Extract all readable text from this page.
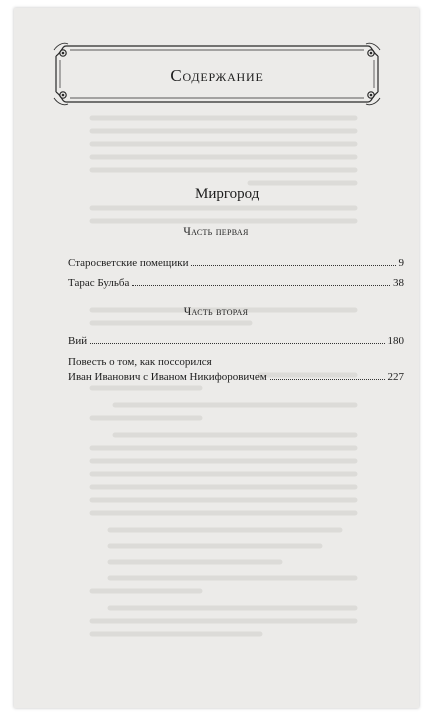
Содержание
Миргород
Часть первая
Старосветские помещики	9
Тарас Бульба	38
Часть вторая
Вий	180
Повесть о том, как поссорился
Иван Иванович с Иваном Никифоровичем	227
